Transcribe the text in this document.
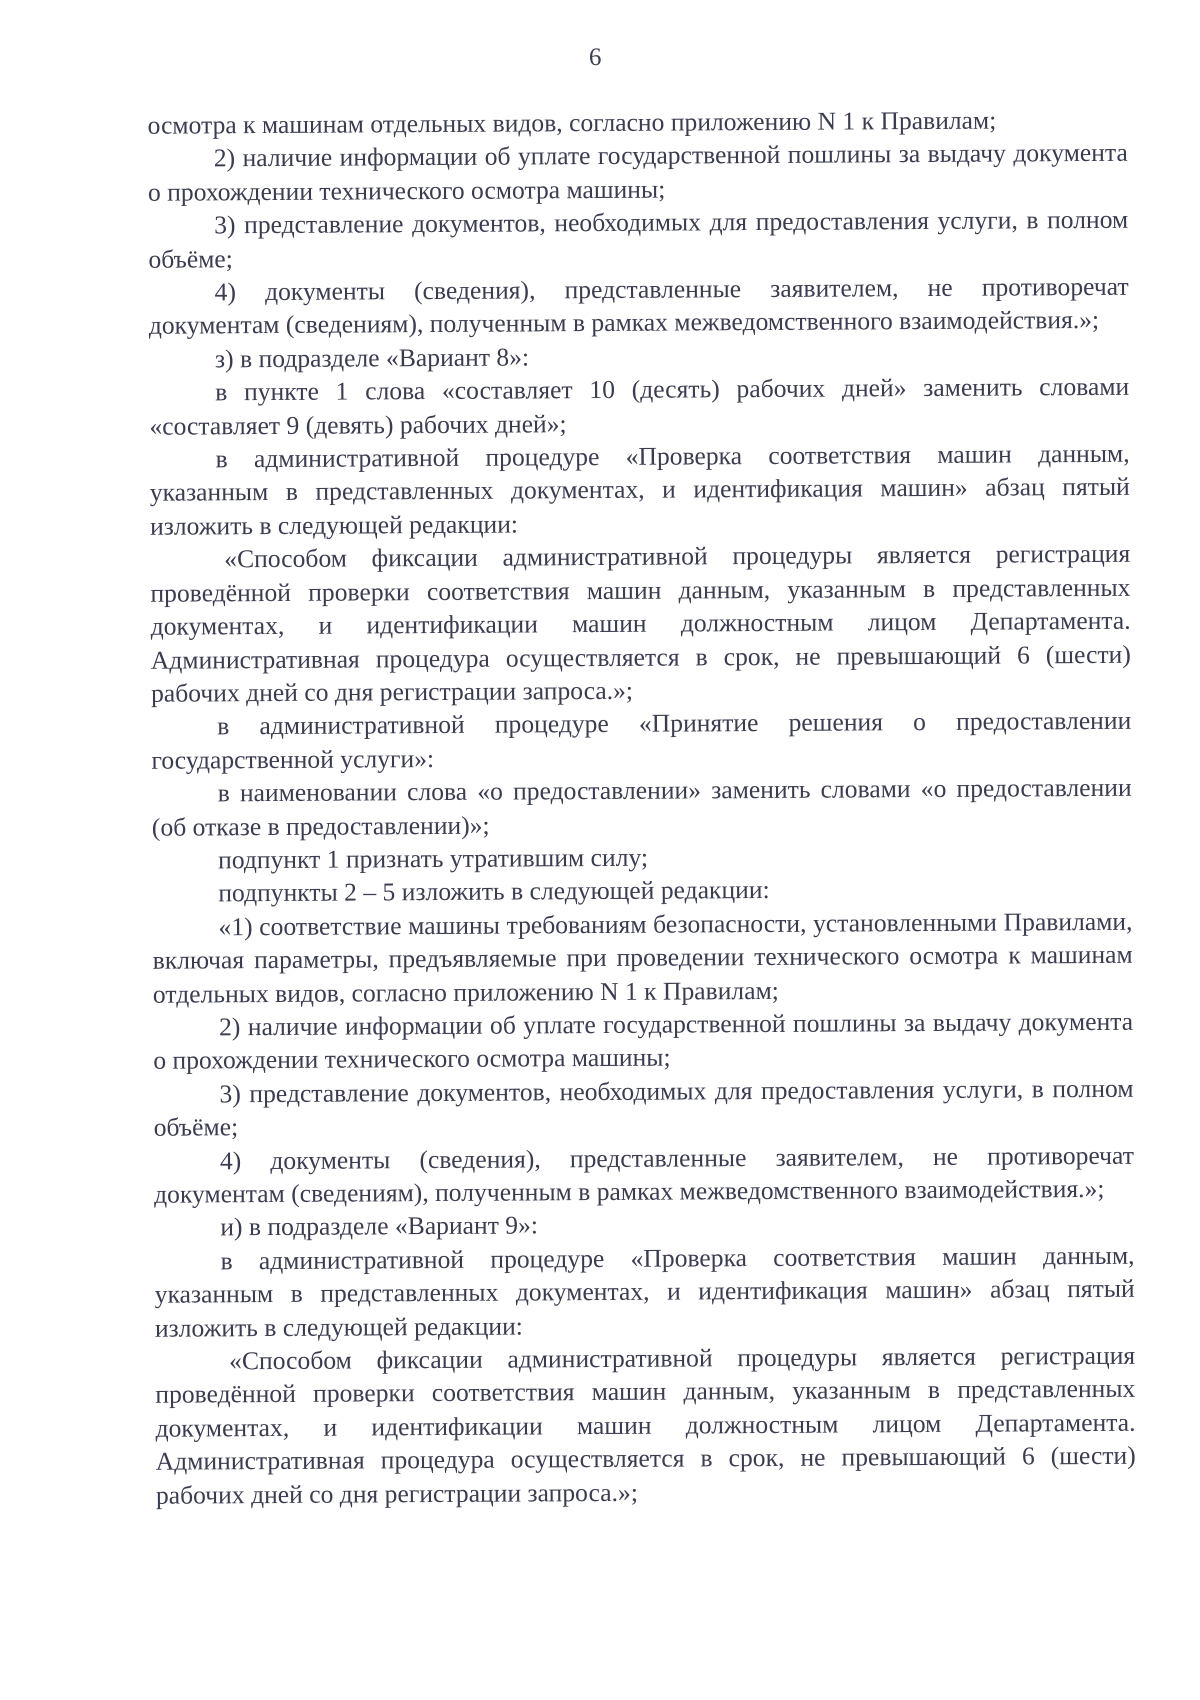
6

осмотра к машинам отдельных видов, согласно приложению N 1 к Правилам;

2) наличие информации об уплате государственной пошлины за выдачу документа о прохождении технического осмотра машины;

3) представление документов, необходимых для предоставления услуги, в полном объёме;

4) документы (сведения), представленные заявителем, не противоречат документам (сведениям), полученным в рамках межведомственного взаимодействия.»;

з) в подразделе «Вариант 8»:

в пункте 1 слова «составляет 10 (десять) рабочих дней» заменить словами «составляет 9 (девять) рабочих дней»;

в административной процедуре «Проверка соответствия машин данным, указанным в представленных документах, и идентификация машин» абзац пятый изложить в следующей редакции:

«Способом фиксации административной процедуры является регистрация проведённой проверки соответствия машин данным, указанным в представленных документах, и идентификации машин должностным лицом Департамента. Административная процедура осуществляется в срок, не превышающий 6 (шести) рабочих дней со дня регистрации запроса.»;

в административной процедуре «Принятие решения о предоставлении государственной услуги»:

в наименовании слова «о предоставлении» заменить словами «о предоставлении (об отказе в предоставлении)»;

подпункт 1 признать утратившим силу;

подпункты 2 – 5 изложить в следующей редакции:

«1) соответствие машины требованиям безопасности, установленными Правилами, включая параметры, предъявляемые при проведении технического осмотра к машинам отдельных видов, согласно приложению N 1 к Правилам;

2) наличие информации об уплате государственной пошлины за выдачу документа о прохождении технического осмотра машины;

3) представление документов, необходимых для предоставления услуги, в полном объёме;

4) документы (сведения), представленные заявителем, не противоречат документам (сведениям), полученным в рамках межведомственного взаимодействия.»;

и) в подразделе «Вариант 9»:

в административной процедуре «Проверка соответствия машин данным, указанным в представленных документах, и идентификация машин» абзац пятый изложить в следующей редакции:

«Способом фиксации административной процедуры является регистрация проведённой проверки соответствия машин данным, указанным в представленных документах, и идентификации машин должностным лицом Департамента. Административная процедура осуществляется в срок, не превышающий 6 (шести) рабочих дней со дня регистрации запроса.»;
